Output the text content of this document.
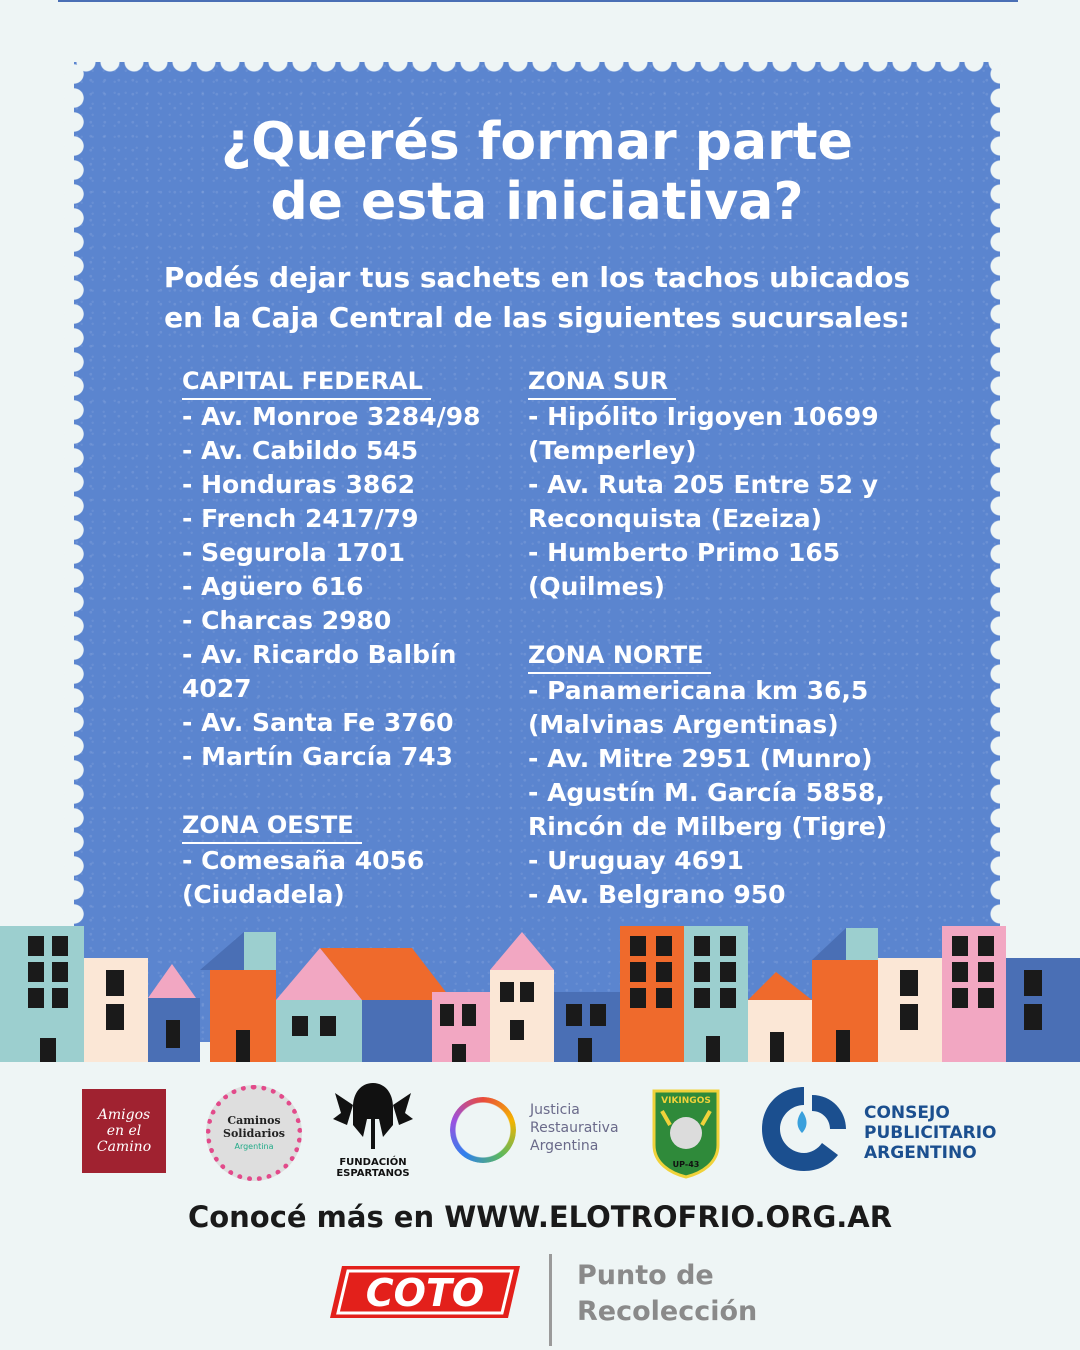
¿Querés formar parte
de esta iniciativa?

Podés dejar tus sachets en los tachos ubicados
en la Caja Central de las siguientes sucursales:

CAPITAL FEDERAL

- Av. Monroe 3284/98

- Av. Cabildo 545

- Honduras 3862

- French 2417/79

- Segurola 1701

- Agüero 616

- Charcas 2980

- Av. Ricardo Balbín 4027

- Av. Santa Fe 3760

- Martín García 743

ZONA OESTE

- Comesaña 4056 (Ciudadela)

ZONA SUR

- Hipólito Irigoyen 10699 (Temperley)

- Av. Ruta 205 Entre 52 y Reconquista (Ezeiza)

- Humberto Primo 165 (Quilmes)

ZONA NORTE

- Panamericana km 36,5 (Malvinas Argentinas)

- Av. Mitre 2951 (Munro)

- Agustín M. García 5858, Rincón de Milberg (Tigre)

- Uruguay 4691

- Av. Belgrano 950

Amigos
en el
Camino
Caminos
Solidarios
Argentina
FUNDACIÓN
ESPARTANOS
Justicia
Restaurativa
Argentina
VIKINGOS
UP-43
CONSEJO
PUBLICITARIO
ARGENTINO

Conocé más en WWW.ELOTROFRIO.ORG.AR

COTO	Punto de
Recolección
